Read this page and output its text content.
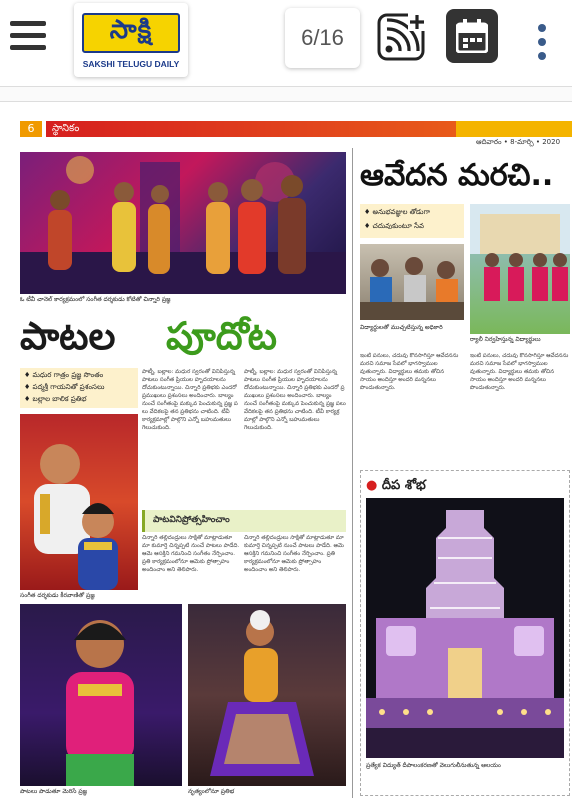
సాక్షి
SAKSHI TELUGU DAILY
6/16
6	స్థానికం
ఆదివారం • 8-మార్చి • 2020
ఓ టీవీ చానెల్‌ కార్యక్రమంలో సంగీత దర్శకుడు కోటితో చిన్నారి ప్రజ్ఞ
పాటల పూదోట
♦ మధుర గాత్రం ప్రజ్ఞ సొంతం
♦ పద్మశ్రీ గాయనితో ప్రశంసలు
♦ బల్లాల బాలిక ప్రతిభ
పాట్నీ, బల్లాల: మధుర స్వరంతో వినిపిస్తున్న పాటలు సంగీత ప్రియుల హృదయాలను దోచుకుంటున్నాయి. చిన్నారి ప్రతిభకు ఎందరో ప్రముఖులు ప్రశంసలు అందించారు. బాల్యం నుంచే సంగీతంపై మక్కువ పెంచుకున్న ప్రజ్ఞ పలు వేదికలపై తన ప్రతిభను చాటింది. టీవీ కార్యక్రమాల్లో పాల్గొని ఎన్నో బహుమతులు గెలుచుకుంది.
పాట్నీ, బల్లాల: మధుర స్వరంతో వినిపిస్తున్న పాటలు సంగీత ప్రియుల హృదయాలను దోచుకుంటున్నాయి. చిన్నారి ప్రతిభకు ఎందరో ప్రముఖులు ప్రశంసలు అందించారు. బాల్యం నుంచే సంగీతంపై మక్కువ పెంచుకున్న ప్రజ్ఞ పలు వేదికలపై తన ప్రతిభను చాటింది. టీవీ కార్యక్రమాల్లో పాల్గొని ఎన్నో బహుమతులు గెలుచుకుంది.
సంగీత దర్శకుడు కీరవాణితో ప్రజ్ఞ
పాటవినిప్రోత్సహించాం
చిన్నారి తల్లిదండ్రులు సాక్షితో మాట్లాడుతూ మా కుమార్తె చిన్నప్పటి నుంచే పాటలు పాడేది. ఆమె ఆసక్తిని గమనించి సంగీతం నేర్పించాం. ప్రతి కార్యక్రమంలోనూ ఆమెకు ప్రోత్సాహం అందించాం అని తెలిపారు.
చిన్నారి తల్లిదండ్రులు సాక్షితో మాట్లాడుతూ మా కుమార్తె చిన్నప్పటి నుంచే పాటలు పాడేది. ఆమె ఆసక్తిని గమనించి సంగీతం నేర్పించాం. ప్రతి కార్యక్రమంలోనూ ఆమెకు ప్రోత్సాహం అందించాం అని తెలిపారు.
పాటలు పాడుతూ మెరిసే ప్రజ్ఞ	నృత్యంలోనూ ప్రతిభ
ఆవేదన మరచి..
♦ అనుభవజ్ఞుల తోడుగా
♦ చదువుకుంటూ సేవ
విద్యార్థులతో ముచ్చటిస్తున్న అధికారి
ర్యాలీ నిర్వహిస్తున్న విద్యార్థులు
ఇంటి పనులు, చదువు కొనసాగిస్తూ ఆవేదనను మరచి సమాజ సేవలో భాగస్వాములవుతున్నారు. విద్యార్థులు తమకు తోచిన సాయం అందిస్తూ అందరి మన్ననలు పొందుతున్నారు.
ఇంటి పనులు, చదువు కొనసాగిస్తూ ఆవేదనను మరచి సమాజ సేవలో భాగస్వాములవుతున్నారు. విద్యార్థులు తమకు తోచిన సాయం అందిస్తూ అందరి మన్ననలు పొందుతున్నారు.
● దీప శోభ
ప్రత్యేక విద్యుత్ దీపాలంకరణతో వెలుగులీనుతున్న ఆలయం
